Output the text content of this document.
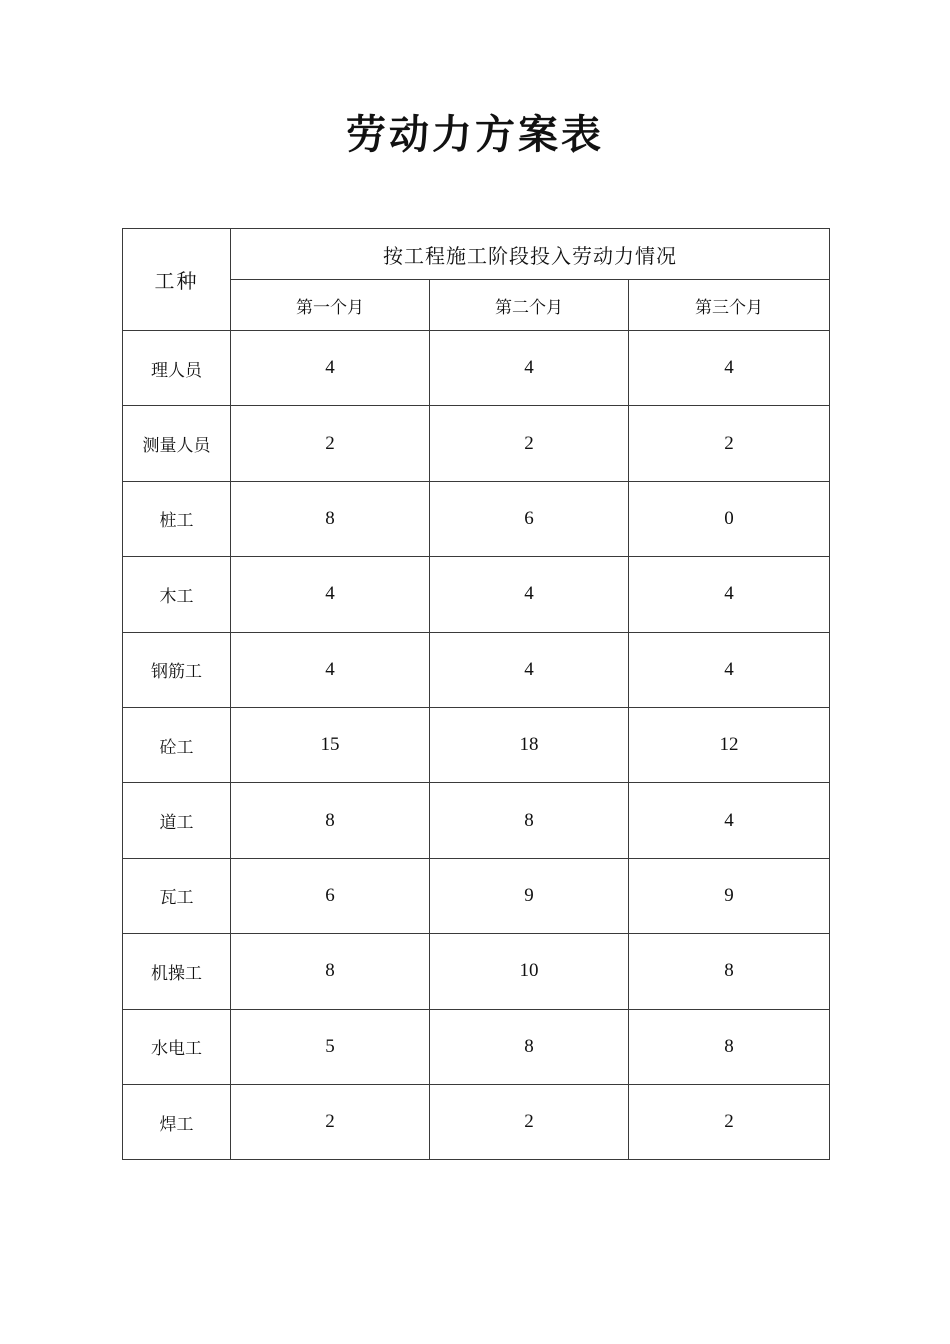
劳动力方案表
工种	按工程施工阶段投入劳动力情况		
	第一个月	第二个月	第三个月
理人员	4	4	4
测量人员	2	2	2
桩工	8	6	0
木工	4	4	4
钢筋工	4	4	4
砼工	15	18	12
道工	8	8	4
瓦工	6	9	9
机操工	8	10	8
水电工	5	8	8
焊工	2	2	2
